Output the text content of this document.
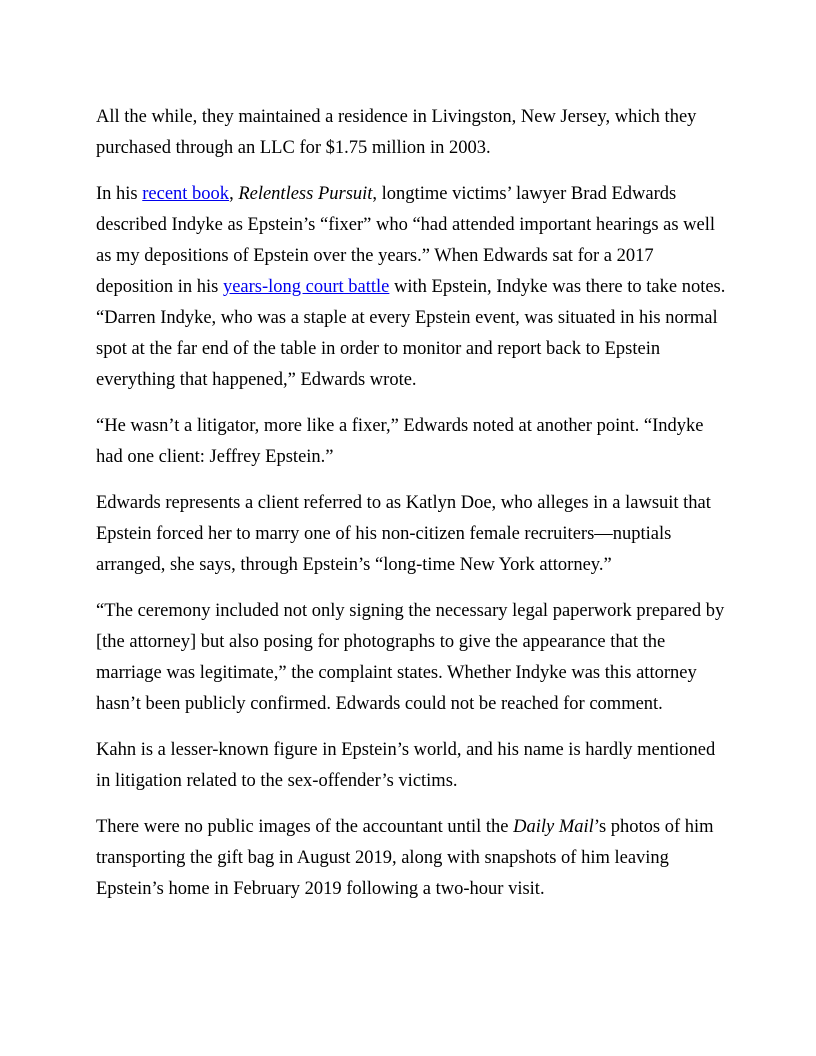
All the while, they maintained a residence in Livingston, New Jersey, which they purchased through an LLC for $1.75 million in 2003.

In his recent book, Relentless Pursuit, longtime victims’ lawyer Brad Edwards described Indyke as Epstein’s “fixer” who “had attended important hearings as well as my depositions of Epstein over the years.” When Edwards sat for a 2017 deposition in his years-long court battle with Epstein, Indyke was there to take notes. “Darren Indyke, who was a staple at every Epstein event, was situated in his normal spot at the far end of the table in order to monitor and report back to Epstein everything that happened,” Edwards wrote.

“He wasn’t a litigator, more like a fixer,” Edwards noted at another point. “Indyke had one client: Jeffrey Epstein.”

Edwards represents a client referred to as Katlyn Doe, who alleges in a lawsuit that Epstein forced her to marry one of his non-citizen female recruiters—nuptials arranged, she says, through Epstein’s “long-time New York attorney.”

“The ceremony included not only signing the necessary legal paperwork prepared by [the attorney] but also posing for photographs to give the appearance that the marriage was legitimate,” the complaint states. Whether Indyke was this attorney hasn’t been publicly confirmed. Edwards could not be reached for comment.

Kahn is a lesser-known figure in Epstein’s world, and his name is hardly mentioned in litigation related to the sex-offender’s victims.

There were no public images of the accountant until the Daily Mail’s photos of him transporting the gift bag in August 2019, along with snapshots of him leaving Epstein’s home in February 2019 following a two-hour visit.
